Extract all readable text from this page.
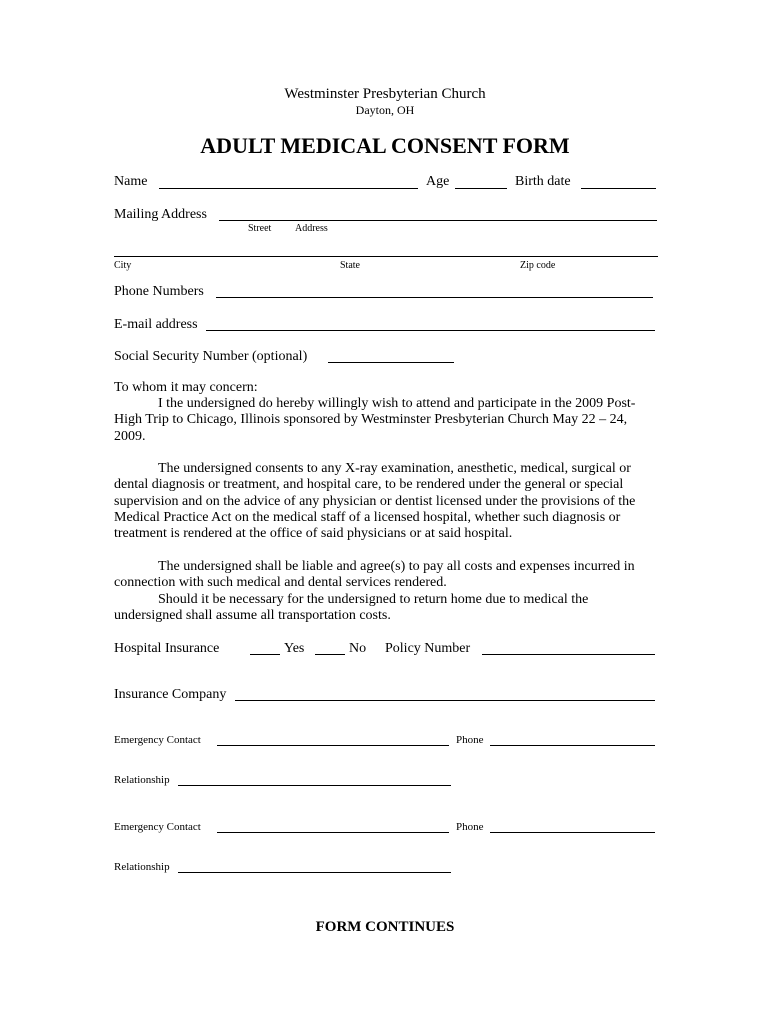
Westminster Presbyterian Church
Dayton, OH
ADULT MEDICAL CONSENT FORM
Name	Age	Birth date
Mailing Address
Street Address
City	State	Zip code
Phone Numbers
E-mail address
Social Security Number (optional)
To whom it may concern:
I the undersigned do hereby willingly wish to attend and participate in the 2009 Post-High Trip to Chicago, Illinois sponsored by Westminster Presbyterian Church May 22 – 24, 2009.
The undersigned consents to any X-ray examination, anesthetic, medical, surgical or dental diagnosis or treatment, and hospital care, to be rendered under the general or special supervision and on the advice of any physician or dentist licensed under the provisions of the Medical Practice Act on the medical staff of a licensed hospital, whether such diagnosis or treatment is rendered at the office of said physicians or at said hospital.
The undersigned shall be liable and agree(s) to pay all costs and expenses incurred in connection with such medical and dental services rendered.
Should it be necessary for the undersigned to return home due to medical the undersigned shall assume all transportation costs.
Hospital Insurance	Yes	No Policy Number
Insurance Company
Emergency Contact	Phone
Relationship
Emergency Contact	Phone
Relationship
FORM CONTINUES
